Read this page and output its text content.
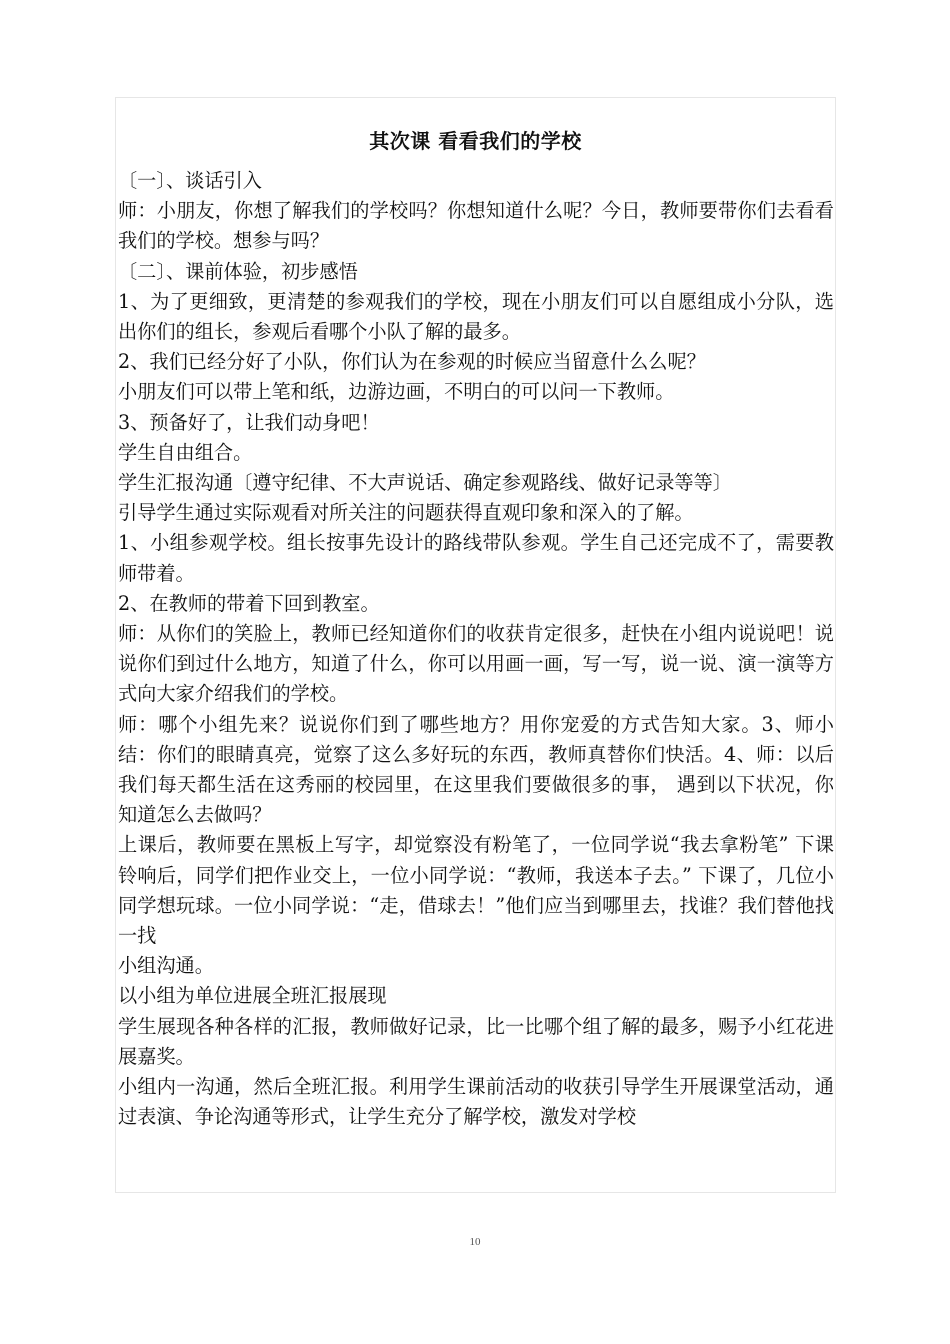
其次课 看看我们的学校

〔一〕、谈话引入

师：小朋友，你想了解我们的学校吗？你想知道什么呢？今日，教师要带你们去看看我们的学校。想参与吗？

〔二〕、课前体验，初步感悟

1、为了更细致，更清楚的参观我们的学校，现在小朋友们可以自愿组成小分队，选出你们的组长，参观后看哪个小队了解的最多。

2、我们已经分好了小队，你们认为在参观的时候应当留意什么么呢？

小朋友们可以带上笔和纸，边游边画，不明白的可以问一下教师。

3、预备好了，让我们动身吧！

学生自由组合。

学生汇报沟通〔遵守纪律、不大声说话、确定参观路线、做好记录等等〕

引导学生通过实际观看对所关注的问题获得直观印象和深入的了解。

1、小组参观学校。组长按事先设计的路线带队参观。学生自己还完成不了，需要教师带着。

2、在教师的带着下回到教室。

师：从你们的笑脸上，教师已经知道你们的收获肯定很多，赶快在小组内说说吧！说说你们到过什么地方，知道了什么，你可以用画一画，写一写，说一说、演一演等方式向大家介绍我们的学校。

师：哪个小组先来？说说你们到了哪些地方？用你宠爱的方式告知大家。3、师小结：你们的眼睛真亮，觉察了这么多好玩的东西，教师真替你们快活。4、师：以后我们每天都生活在这秀丽的校园里，在这里我们要做很多的事， 遇到以下状况，你知道怎么去做吗？

上课后，教师要在黑板上写字，却觉察没有粉笔了，一位同学说“我去拿粉笔” 下课铃响后，同学们把作业交上，一位小同学说：“教师，我送本子去。” 下课了，几位小同学想玩球。一位小同学说：“走，借球去！”他们应当到哪里去，找谁？我们替他找一找

小组沟通。

以小组为单位进展全班汇报展现

学生展现各种各样的汇报，教师做好记录，比一比哪个组了解的最多，赐予小红花进展嘉奖。

小组内一沟通，然后全班汇报。利用学生课前活动的收获引导学生开展课堂活动，通过表演、争论沟通等形式，让学生充分了解学校，激发对学校

10
